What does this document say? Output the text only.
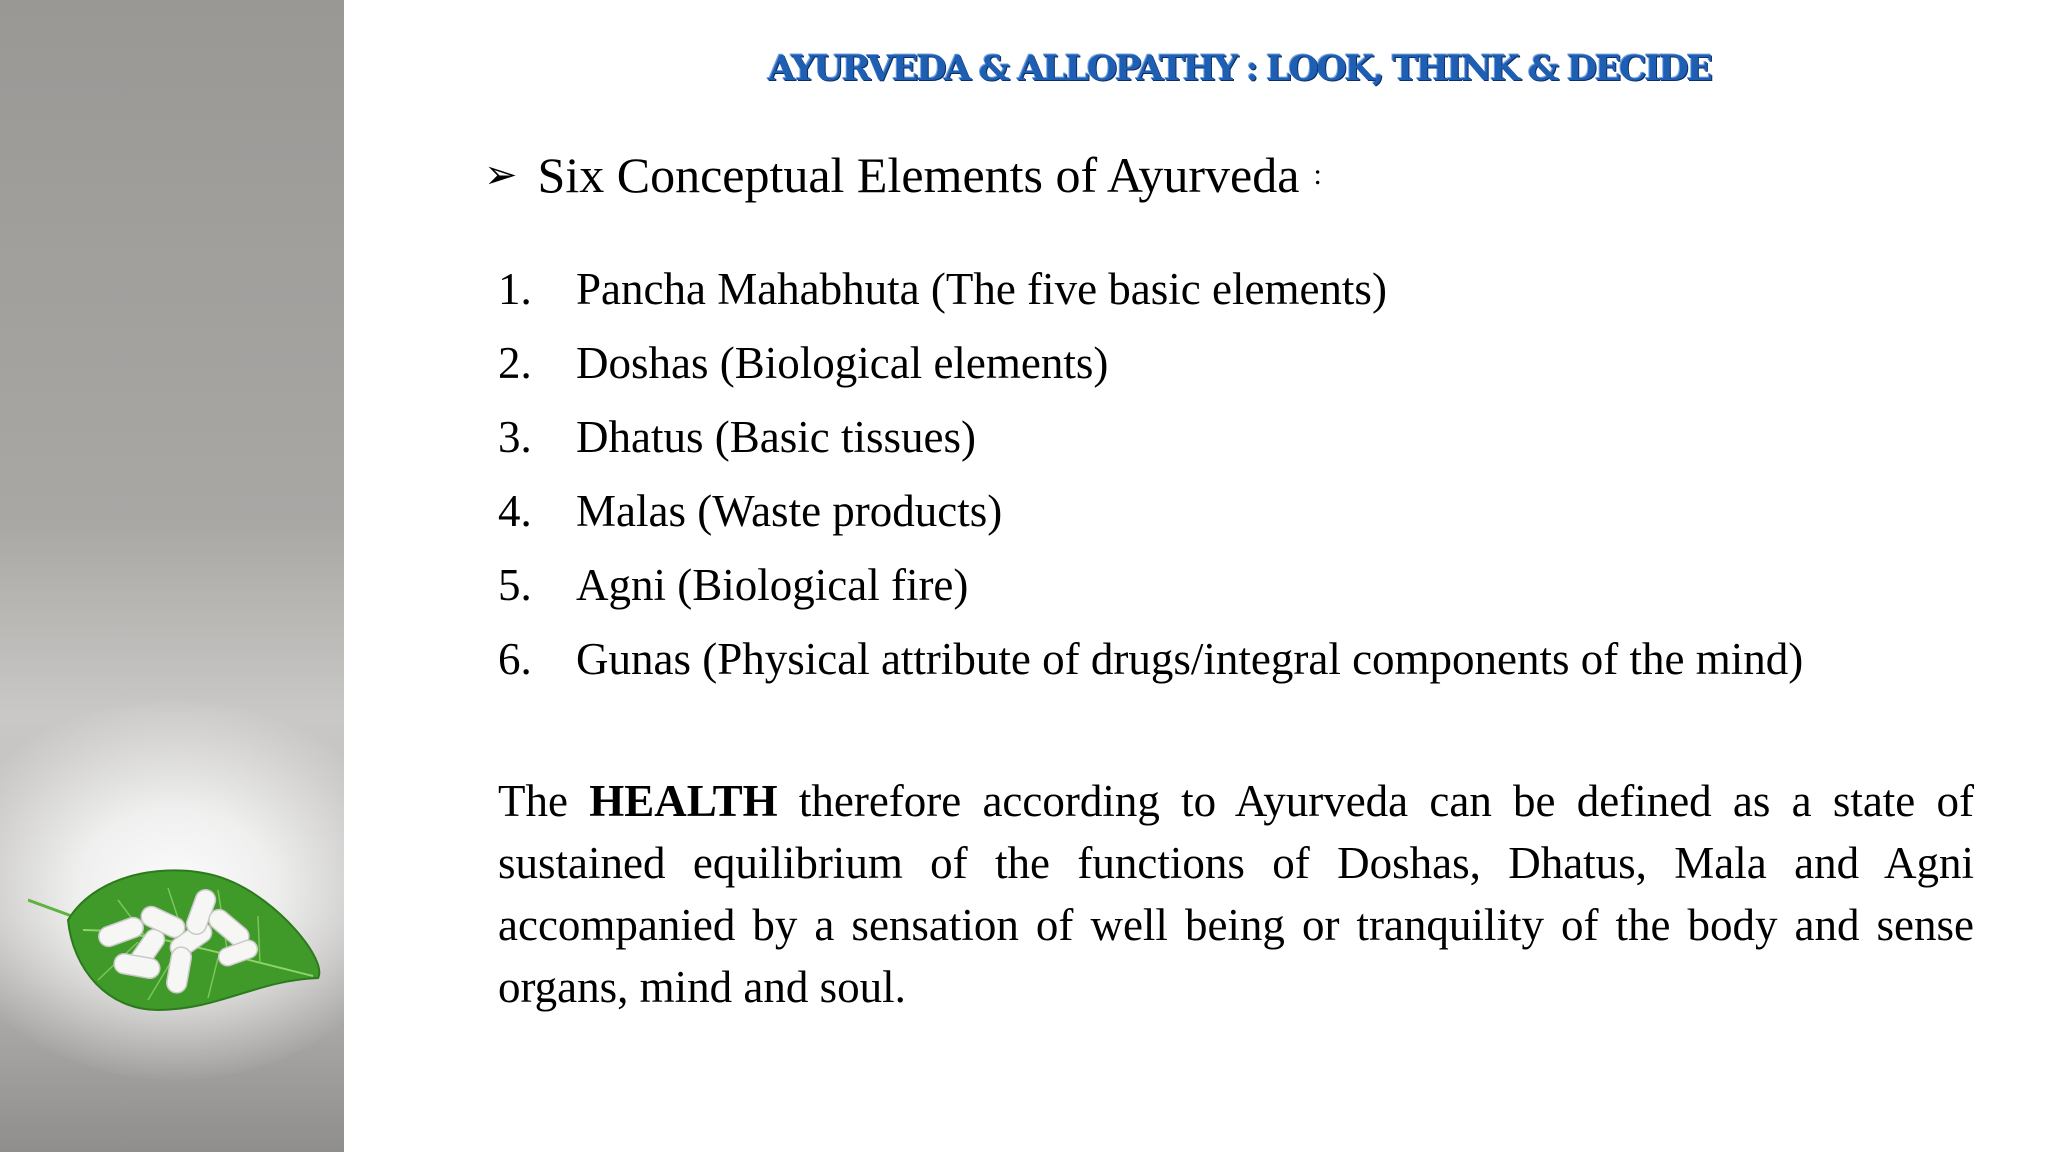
AYURVEDA & ALLOPATHY : LOOK, THINK & DECIDE
➢ Six Conceptual Elements of Ayurveda :
1. Pancha Mahabhuta (The five basic elements)
2. Doshas (Biological elements)
3. Dhatus (Basic tissues)
4. Malas (Waste products)
5. Agni (Biological fire)
6. Gunas (Physical attribute of drugs/integral components of the mind)

The HEALTH therefore according to Ayurveda can be defined as a state of sustained equilibrium of the functions of Doshas, Dhatus, Mala and Agni accompanied by a sensation of well being or tranquility of the body and sense organs, mind and soul.
